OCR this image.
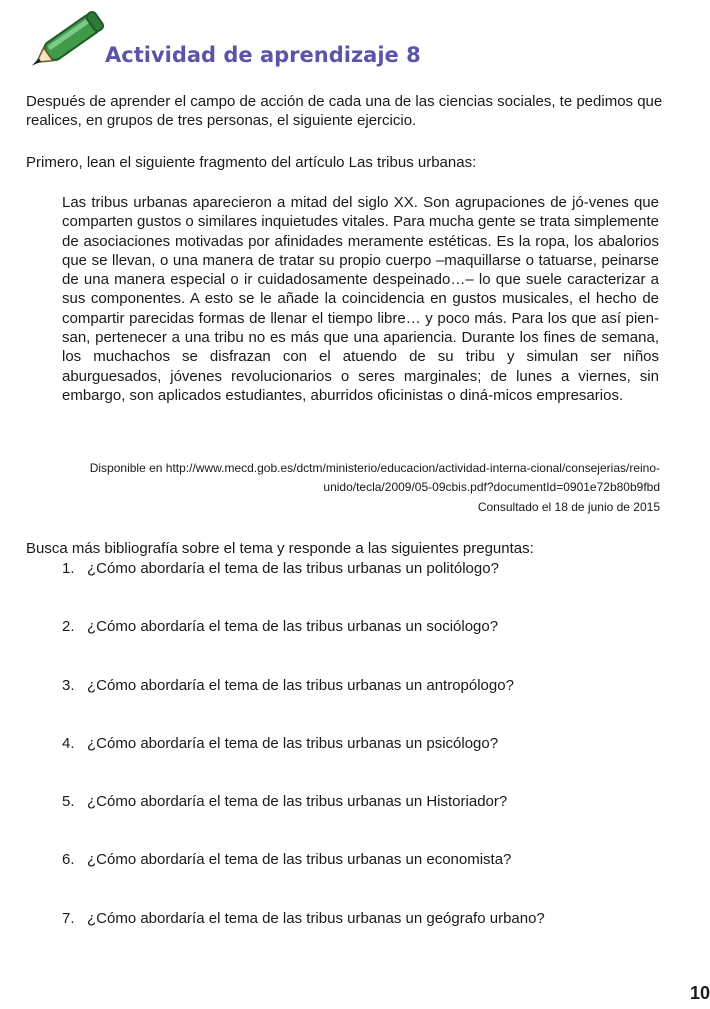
Actividad de aprendizaje 8

Después de aprender el campo de acción de cada una de las ciencias sociales, te pedimos que realices, en grupos de tres personas, el siguiente ejercicio.

Primero, lean el siguiente fragmento del artículo Las tribus urbanas:

Las tribus urbanas aparecieron a mitad del siglo XX. Son agrupaciones de jó-venes que comparten gustos o similares inquietudes vitales. Para mucha gente se trata simplemente de asociaciones motivadas por afinidades meramente estéticas. Es la ropa, los abalorios que se llevan, o una manera de tratar su propio cuerpo –maquillarse o tatuarse, peinarse de una manera especial o ir cuidadosamente despeinado…– lo que suele caracterizar a sus componentes. A esto se le añade la coincidencia en gustos musicales, el hecho de compartir parecidas formas de llenar el tiempo libre… y poco más. Para los que así pien-san, pertenecer a una tribu no es más que una apariencia. Durante los fines de semana, los muchachos se disfrazan con el atuendo de su tribu y simulan ser niños aburguesados, jóvenes revolucionarios o seres marginales; de lunes a viernes, sin embargo, son aplicados estudiantes, aburridos oficinistas o diná-micos empresarios.

Disponible en http://www.mecd.gob.es/dctm/ministerio/educacion/actividad-interna-cional/consejerias/reino-unido/tecla/2009/05-09cbis.pdf?documentId=0901e72b80b9fbd

Consultado el 18 de junio de 2015

Busca más bibliografía sobre el tema y responde a las siguientes preguntas:

1. ¿Cómo abordaría el tema de las tribus urbanas un politólogo?
2. ¿Cómo abordaría el tema de las tribus urbanas un sociólogo?
3. ¿Cómo abordaría el tema de las tribus urbanas un antropólogo?
4. ¿Cómo abordaría el tema de las tribus urbanas un psicólogo?
5. ¿Cómo abordaría el tema de las tribus urbanas un Historiador?
6. ¿Cómo abordaría el tema de las tribus urbanas un economista?
7. ¿Cómo abordaría el tema de las tribus urbanas un geógrafo urbano?
10
